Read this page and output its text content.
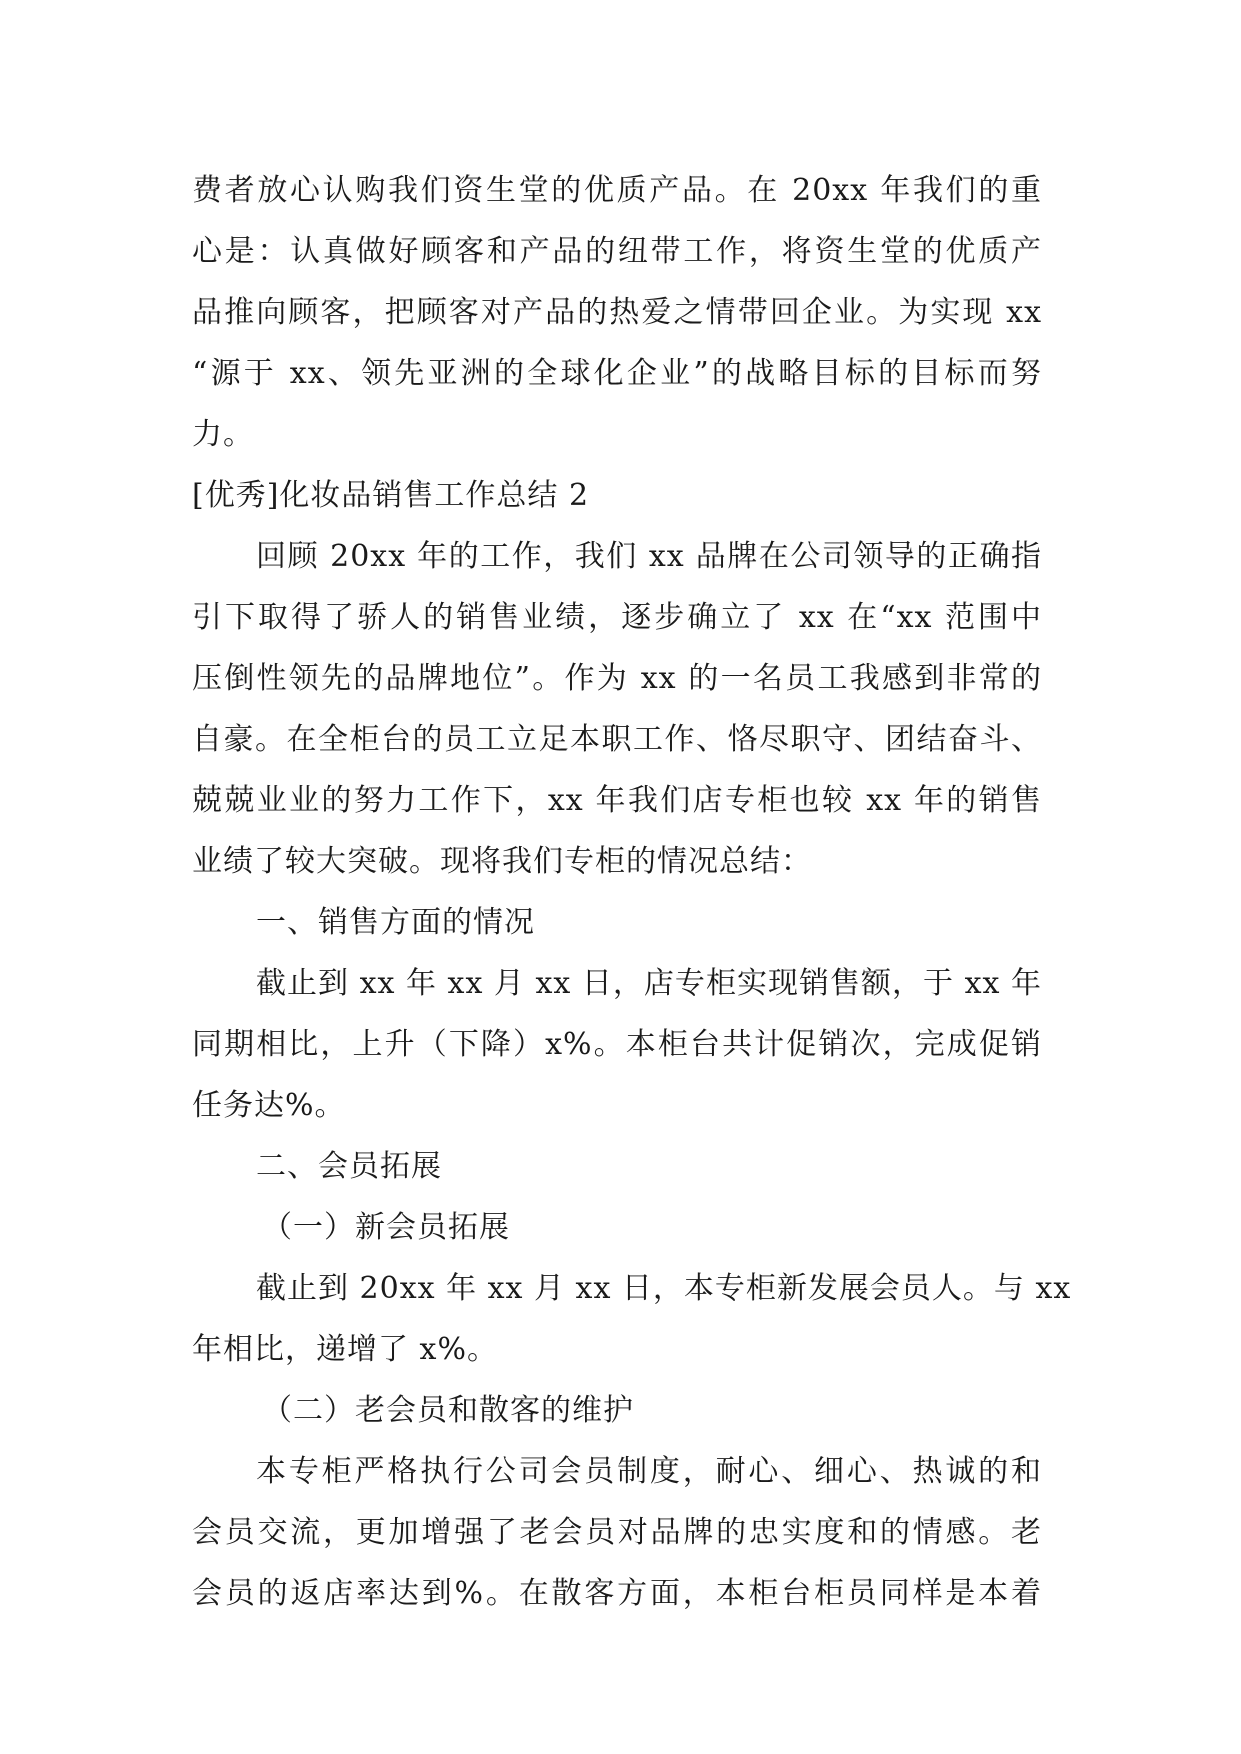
费者放心认购我们资生堂的优质产品。在 20xx 年我们的重
心是：认真做好顾客和产品的纽带工作，将资生堂的优质产
品推向顾客，把顾客对产品的热爱之情带回企业。为实现 xx
“源于 xx、领先亚洲的全球化企业”的战略目标的目标而努
力。
[优秀]化妆品销售工作总结 2
回顾 20xx 年的工作，我们 xx 品牌在公司领导的正确指
引下取得了骄人的销售业绩，逐步确立了 xx 在“xx 范围中
压倒性领先的品牌地位”。作为 xx 的一名员工我感到非常的
自豪。在全柜台的员工立足本职工作、恪尽职守、团结奋斗、
兢兢业业的努力工作下，xx 年我们店专柜也较 xx 年的销售
业绩了较大突破。现将我们专柜的情况总结：
一、销售方面的情况
截止到 xx 年 xx 月 xx 日，店专柜实现销售额，于 xx 年
同期相比，上升（下降）x%。本柜台共计促销次，完成促销
任务达%。
二、会员拓展
（一）新会员拓展
截止到 20xx 年 xx 月 xx 日，本专柜新发展会员人。与 xx
年相比，递增了 x%。
（二）老会员和散客的维护
本专柜严格执行公司会员制度，耐心、细心、热诚的和
会员交流，更加增强了老会员对品牌的忠实度和的情感。老
会员的返店率达到%。在散客方面，本柜台柜员同样是本着
